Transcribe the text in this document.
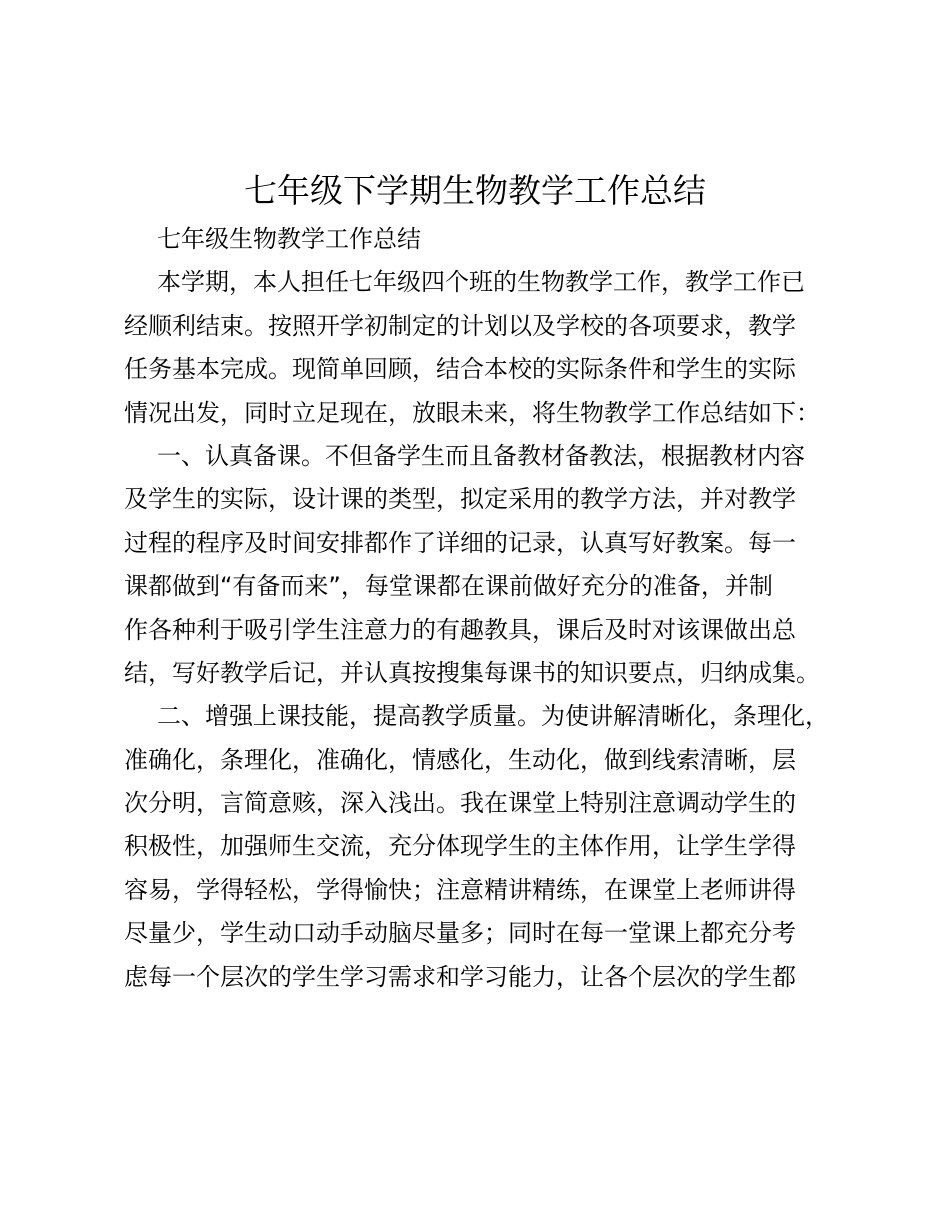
七年级下学期生物教学工作总结
七年级生物教学工作总结
本学期，本人担任七年级四个班的生物教学工作，教学工作已
经顺利结束。按照开学初制定的计划以及学校的各项要求，教学
任务基本完成。现简单回顾，结合本校的实际条件和学生的实际
情况出发，同时立足现在，放眼未来，将生物教学工作总结如下：
一、认真备课。不但备学生而且备教材备教法，根据教材内容
及学生的实际，设计课的类型，拟定采用的教学方法，并对教学
过程的程序及时间安排都作了详细的记录，认真写好教案。每一
课都做到“有备而来”，每堂课都在课前做好充分的准备，并制
作各种利于吸引学生注意力的有趣教具，课后及时对该课做出总
结，写好教学后记，并认真按搜集每课书的知识要点，归纳成集。
二、增强上课技能，提高教学质量。为使讲解清晰化，条理化，
准确化，条理化，准确化，情感化，生动化，做到线索清晰，层
次分明，言简意赅，深入浅出。我在课堂上特别注意调动学生的
积极性，加强师生交流，充分体现学生的主体作用，让学生学得
容易，学得轻松，学得愉快；注意精讲精练，在课堂上老师讲得
尽量少，学生动口动手动脑尽量多；同时在每一堂课上都充分考
虑每一个层次的学生学习需求和学习能力，让各个层次的学生都
